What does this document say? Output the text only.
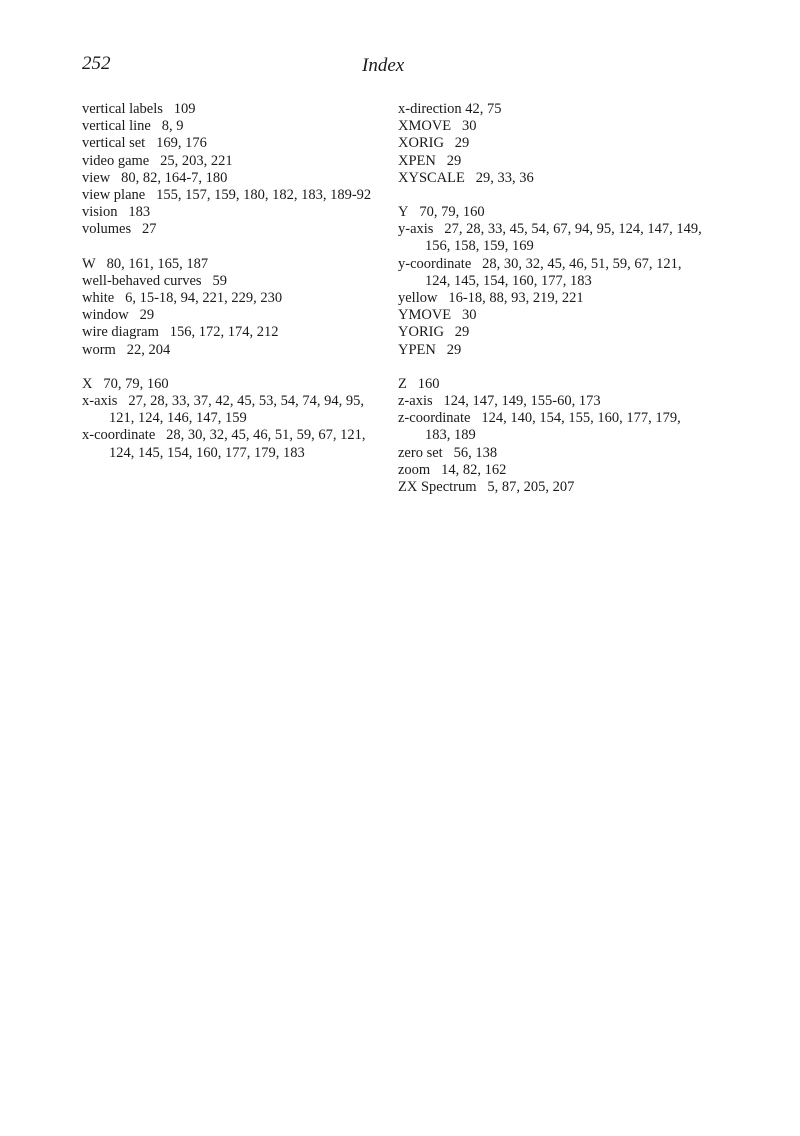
252	Index

vertical labels 109

vertical line 8, 9

vertical set 169, 176

video game 25, 203, 221

view 80, 82, 164-7, 180

view plane 155, 157, 159, 180, 182, 183, 189-92

vision 183

volumes 27

W 80, 161, 165, 187

well-behaved curves 59

white 6, 15-18, 94, 221, 229, 230

window 29

wire diagram 156, 172, 174, 212

worm 22, 204

X 70, 79, 160

x-axis 27, 28, 33, 37, 42, 45, 53, 54, 74, 94, 95, 121, 124, 146, 147, 159

x-coordinate 28, 30, 32, 45, 46, 51, 59, 67, 121, 124, 145, 154, 160, 177, 179, 183

x-direction 42, 75

XMOVE 30

XORIG 29

XPEN 29

XYSCALE 29, 33, 36

Y 70, 79, 160

y-axis 27, 28, 33, 45, 54, 67, 94, 95, 124, 147, 149, 156, 158, 159, 169

y-coordinate 28, 30, 32, 45, 46, 51, 59, 67, 121, 124, 145, 154, 160, 177, 183

yellow 16-18, 88, 93, 219, 221

YMOVE 30

YORIG 29

YPEN 29

Z 160

z-axis 124, 147, 149, 155-60, 173

z-coordinate 124, 140, 154, 155, 160, 177, 179, 183, 189

zero set 56, 138

zoom 14, 82, 162

ZX Spectrum 5, 87, 205, 207
